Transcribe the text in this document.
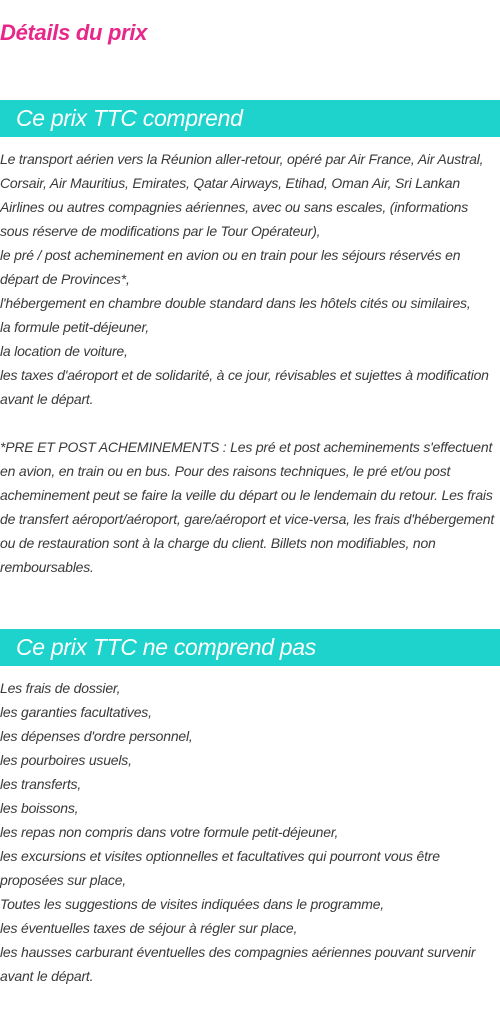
Détails du prix
Ce prix TTC comprend

Le transport aérien vers la Réunion aller-retour, opéré par Air France, Air Austral, Corsair, Air Mauritius, Emirates, Qatar Airways, Etihad, Oman Air, Sri Lankan Airlines ou autres compagnies aériennes, avec ou sans escales, (informations sous réserve de modifications par le Tour Opérateur),

le pré / post acheminement en avion ou en train pour les séjours réservés en départ de Provinces*,

l'hébergement en chambre double standard dans les hôtels cités ou similaires,

la formule petit-déjeuner,

la location de voiture,

les taxes d'aéroport et de solidarité, à ce jour, révisables et sujettes à modification avant le départ.

*PRE ET POST ACHEMINEMENTS : Les pré et post acheminements s'effectuent en avion, en train ou en bus. Pour des raisons techniques, le pré et/ou post acheminement peut se faire la veille du départ ou le lendemain du retour. Les frais de transfert aéroport/aéroport, gare/aéroport et vice-versa, les frais d'hébergement ou de restauration sont à la charge du client. Billets non modifiables, non remboursables.

Ce prix TTC ne comprend pas

Les frais de dossier,

les garanties facultatives,

les dépenses d'ordre personnel,

les pourboires usuels,

les transferts,

les boissons,

les repas non compris dans votre formule petit-déjeuner,

les excursions et visites optionnelles et facultatives qui pourront vous être proposées sur place,

Toutes les suggestions de visites indiquées dans le programme,

les éventuelles taxes de séjour à régler sur place,

les hausses carburant éventuelles des compagnies aériennes pouvant survenir avant le départ.
